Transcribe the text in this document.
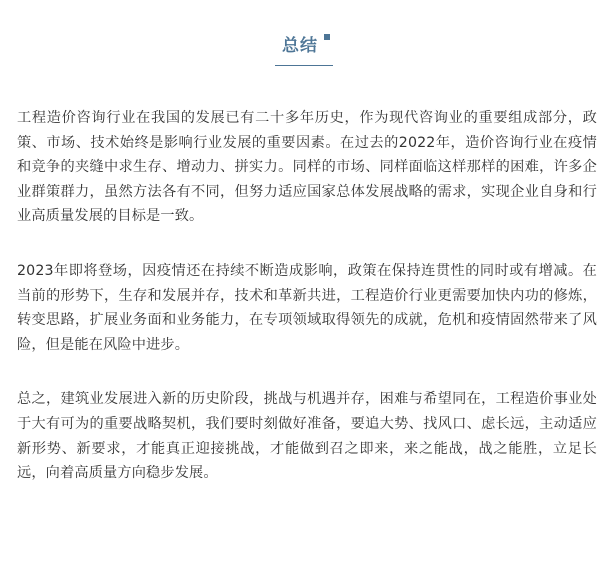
总结

工程造价咨询行业在我国的发展已有二十多年历史，作为现代咨询业的重要组成部分，政策、市场、技术始终是影响行业发展的重要因素。在过去的2022年，造价咨询行业在疫情和竞争的夹缝中求生存、增动力、拼实力。同样的市场、同样面临这样那样的困难，许多企业群策群力，虽然方法各有不同，但努力适应国家总体发展战略的需求，实现企业自身和行业高质量发展的目标是一致。

2023年即将登场，因疫情还在持续不断造成影响，政策在保持连贯性的同时或有增减。在当前的形势下，生存和发展并存，技术和革新共进，工程造价行业更需要加快内功的修炼，转变思路，扩展业务面和业务能力，在专项领域取得领先的成就，危机和疫情固然带来了风险，但是能在风险中进步。

总之，建筑业发展进入新的历史阶段，挑战与机遇并存，困难与希望同在，工程造价事业处于大有可为的重要战略契机，我们要时刻做好准备，要追大势、找风口、虑长远，主动适应新形势、新要求，才能真正迎接挑战，才能做到召之即来，来之能战，战之能胜，立足长远，向着高质量方向稳步发展。
